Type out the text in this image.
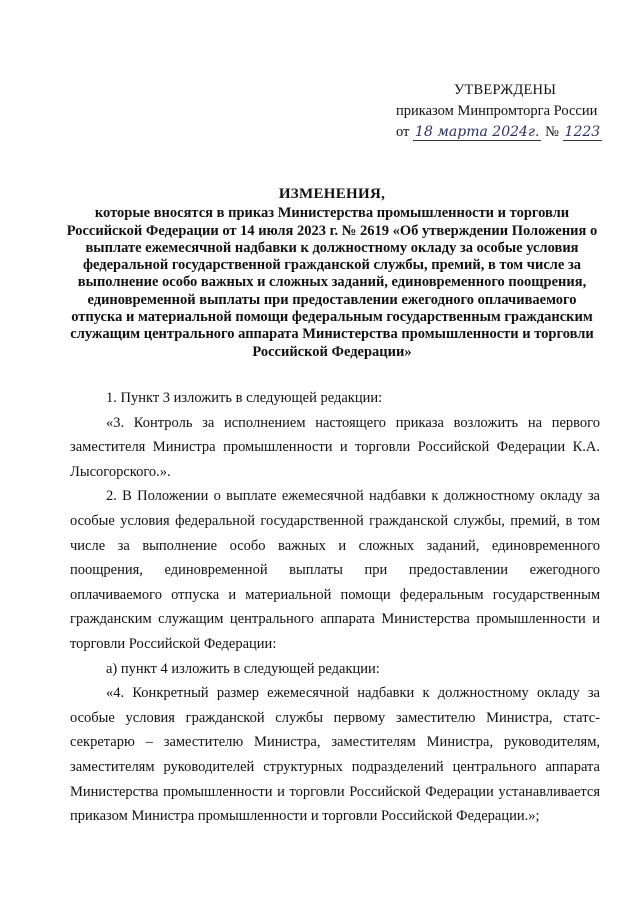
УТВЕРЖДЕНЫ
приказом Минпромторга России
от 18 марта 2024г. № 1223
ИЗМЕНЕНИЯ,
которые вносятся в приказ Министерства промышленности и торговли Российской Федерации от 14 июля 2023 г. № 2619 «Об утверждении Положения о выплате ежемесячной надбавки к должностному окладу за особые условия федеральной государственной гражданской службы, премий, в том числе за выполнение особо важных и сложных заданий, единовременного поощрения, единовременной выплаты при предоставлении ежегодного оплачиваемого отпуска и материальной помощи федеральным государственным гражданским служащим центрального аппарата Министерства промышленности и торговли Российской Федерации»

1. Пункт 3 изложить в следующей редакции:

«3. Контроль за исполнением настоящего приказа возложить на первого заместителя Министра промышленности и торговли Российской Федерации К.А. Лысогорского.».

2. В Положении о выплате ежемесячной надбавки к должностному окладу за особые условия федеральной государственной гражданской службы, премий, в том числе за выполнение особо важных и сложных заданий, единовременного поощрения, единовременной выплаты при предоставлении ежегодного оплачиваемого отпуска и материальной помощи федеральным государственным гражданским служащим центрального аппарата Министерства промышленности и торговли Российской Федерации:

а) пункт 4 изложить в следующей редакции:

«4. Конкретный размер ежемесячной надбавки к должностному окладу за особые условия гражданской службы первому заместителю Министра, статс-секретарю – заместителю Министра, заместителям Министра, руководителям, заместителям руководителей структурных подразделений центрального аппарата Министерства промышленности и торговли Российской Федерации устанавливается приказом Министра промышленности и торговли Российской Федерации.»;
